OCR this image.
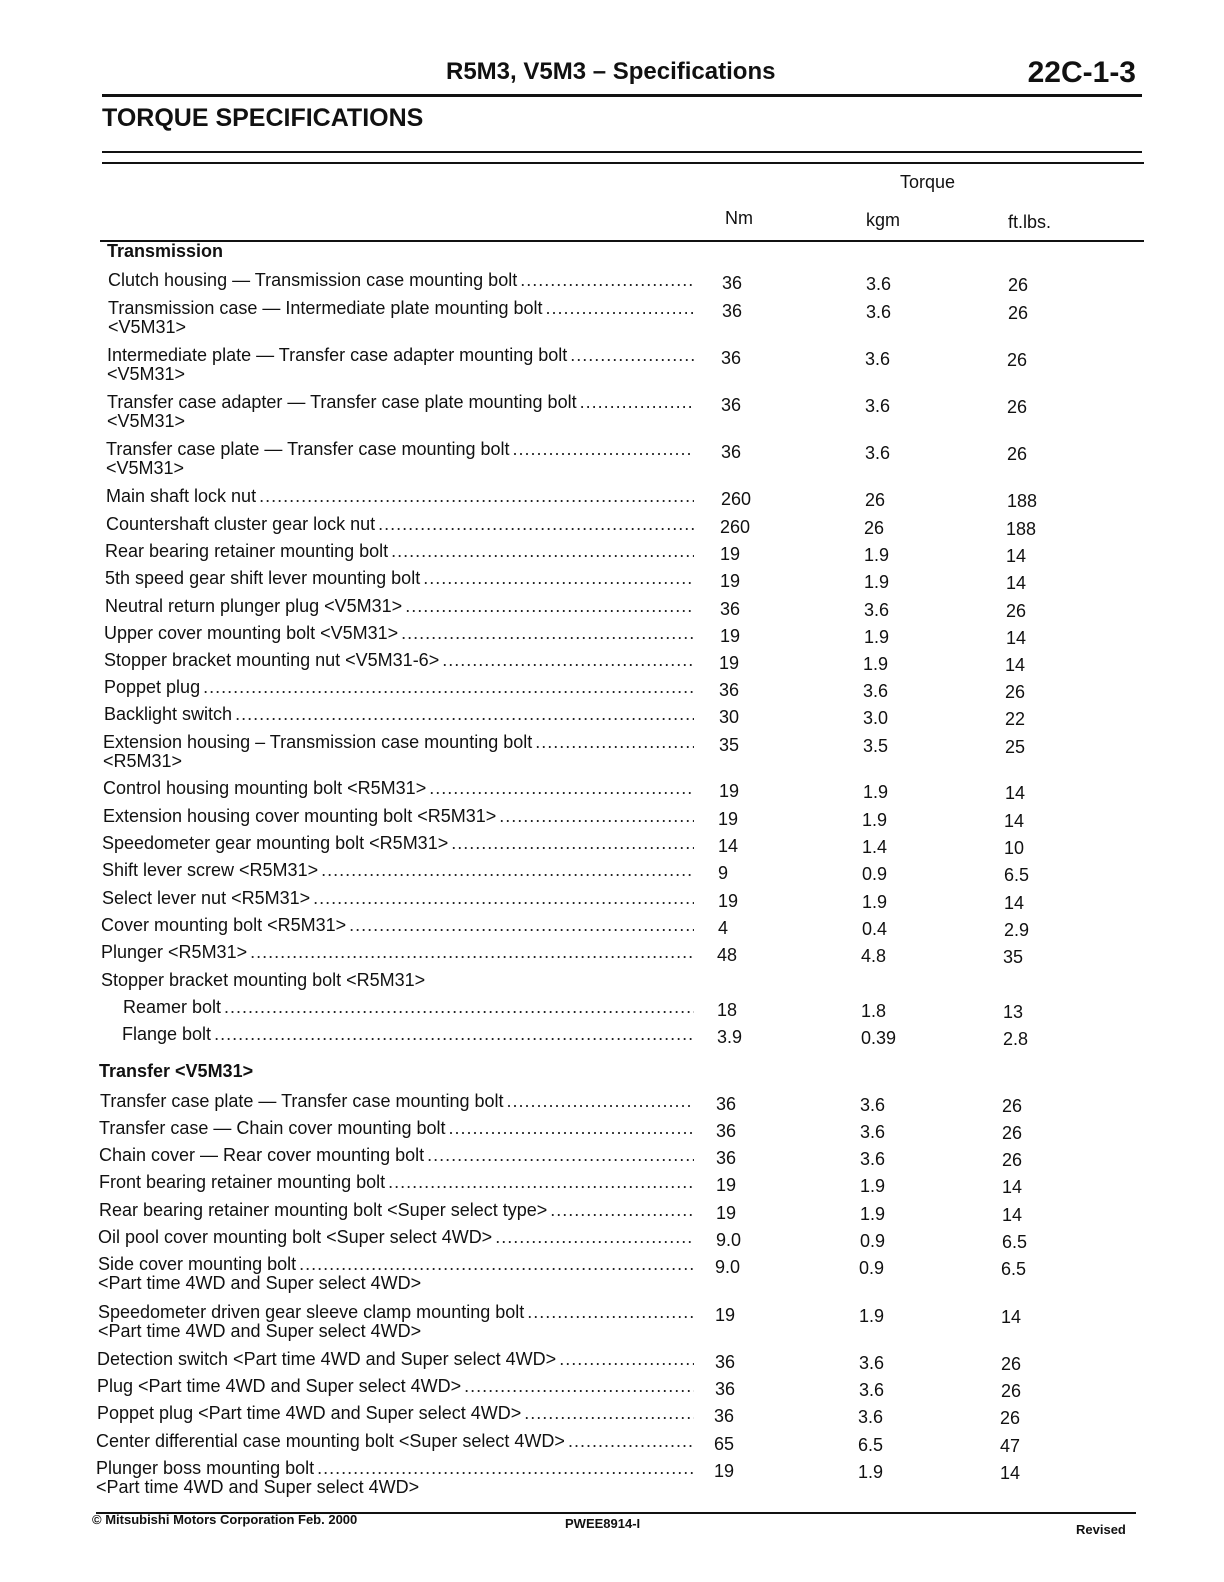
R5M3, V5M3 – Specifications	22C-1-3
TORQUE SPECIFICATIONS
Torque
Nm	kgm	ft.lbs.
Transmission
Clutch housing — Transmission case mounting bolt .....	36	3.6	26
Transmission case — Intermediate plate mounting bolt
.....
<V5M31>
36	3.6	26
Intermediate plate — Transfer case adapter mounting bolt
.....
<V5M31>
36	3.6	26
Transfer case adapter — Transfer case plate mounting bolt
.....
<V5M31>
36	3.6	26
Transfer case plate — Transfer case mounting bolt
.....
<V5M31>
36	3.6	26
Main shaft lock nut .....	260	26	188
Countershaft cluster gear lock nut .....	260	26	188
Rear bearing retainer mounting bolt .....	19	1.9	14
5th speed gear shift lever mounting bolt .....	19	1.9	14
Neutral return plunger plug <V5M31> .....	36	3.6	26
Upper cover mounting bolt <V5M31> .....	19	1.9	14
Stopper bracket mounting nut <V5M31-6> .....	19	1.9	14
Poppet plug .....	36	3.6	26
Backlight switch .....	30	3.0	22
Extension housing – Transmission case mounting bolt
.....
<R5M31>
35	3.5	25
Control housing mounting bolt <R5M31> .....	19	1.9	14
Extension housing cover mounting bolt <R5M31> .....	19	1.9	14
Speedometer gear mounting bolt <R5M31> .....	14	1.4	10
Shift lever screw <R5M31> .....	9	0.9	6.5
Select lever nut <R5M31> .....	19	1.9	14
Cover mounting bolt <R5M31> .....	4	0.4	2.9
Plunger <R5M31> .....	48	4.8	35
Stopper bracket mounting bolt <R5M31>
Reamer bolt .....	18	1.8	13
Flange bolt .....	3.9	0.39	2.8
Transfer <V5M31>
Transfer case plate — Transfer case mounting bolt .....	36	3.6	26
Transfer case — Chain cover mounting bolt .....	36	3.6	26
Chain cover — Rear cover mounting bolt .....	36	3.6	26
Front bearing retainer mounting bolt .....	19	1.9	14
Rear bearing retainer mounting bolt <Super select type> .....	19	1.9	14
Oil pool cover mounting bolt <Super select 4WD> .....	9.0	0.9	6.5
Side cover mounting bolt
.....
<Part time 4WD and Super select 4WD>
9.0	0.9	6.5
Speedometer driven gear sleeve clamp mounting bolt
.....
<Part time 4WD and Super select 4WD>
19	1.9	14
Detection switch <Part time 4WD and Super select 4WD> .....	36	3.6	26
Plug <Part time 4WD and Super select 4WD> .....	36	3.6	26
Poppet plug <Part time 4WD and Super select 4WD> .....	36	3.6	26
Center differential case mounting bolt <Super select 4WD> .....	65	6.5	47
Plunger boss mounting bolt
.....
<Part time 4WD and Super select 4WD>
19	1.9	14
© Mitsubishi Motors Corporation Feb. 2000	PWEE8914-I	Revised
